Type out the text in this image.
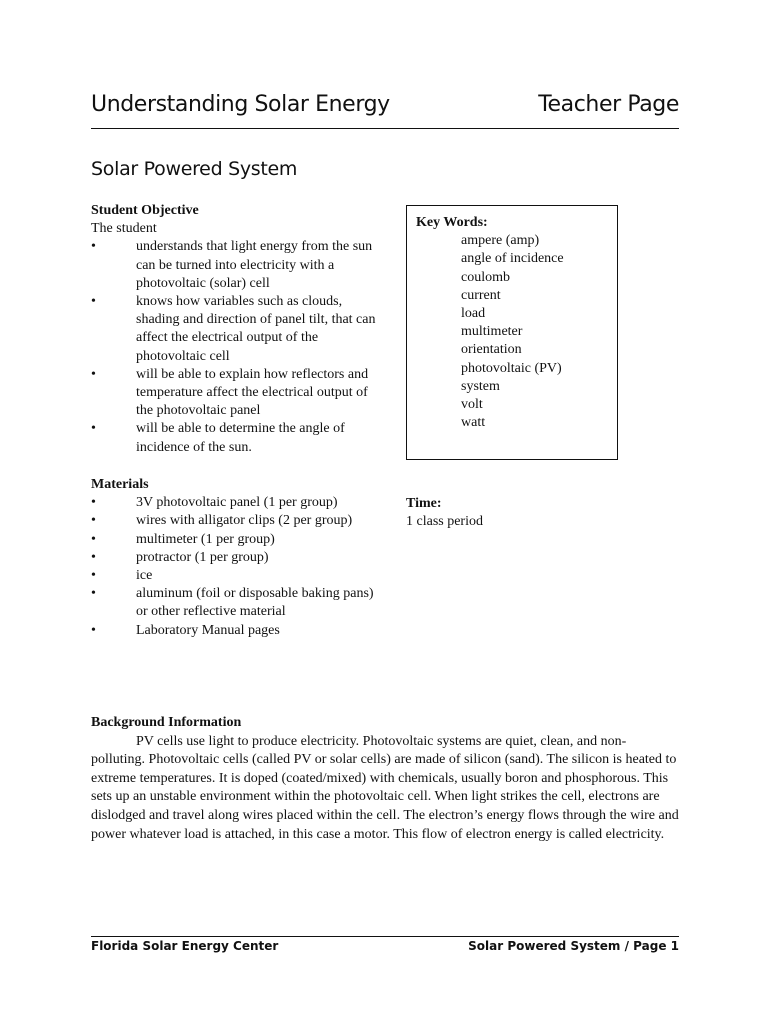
Understanding Solar Energy	Teacher Page
Solar Powered System
Student Objective
The student
• understands that light energy from the sun can be turned into electricity with a photovoltaic (solar) cell
• knows how variables such as clouds, shading and direction of panel tilt, that can affect the electrical output of the photovoltaic cell
• will be able to explain how reflectors and temperature affect the electrical output of the photovoltaic panel
• will be able to determine the angle of incidence of the sun.
Key Words:
ampere (amp)
angle of incidence
coulomb
current
load
multimeter
orientation
photovoltaic (PV)
system
volt
watt
Materials
• 3V photovoltaic panel (1 per group)
• wires with alligator clips (2 per group)
• multimeter (1 per group)
• protractor (1 per group)
• ice
• aluminum (foil or disposable baking pans) or other reflective material
• Laboratory Manual pages
Time:
1 class period
Background Information

PV cells use light to produce electricity. Photovoltaic systems are quiet, clean, and non-polluting. Photovoltaic cells (called PV or solar cells) are made of silicon (sand). The silicon is heated to extreme temperatures. It is doped (coated/mixed) with chemicals, usually boron and phosphorous. This sets up an unstable environment within the photovoltaic cell. When light strikes the cell, electrons are dislodged and travel along wires placed within the cell. The electron’s energy flows through the wire and power whatever load is attached, in this case a motor. This flow of electron energy is called electricity.

Florida Solar Energy Center	Solar Powered System / Page 1
